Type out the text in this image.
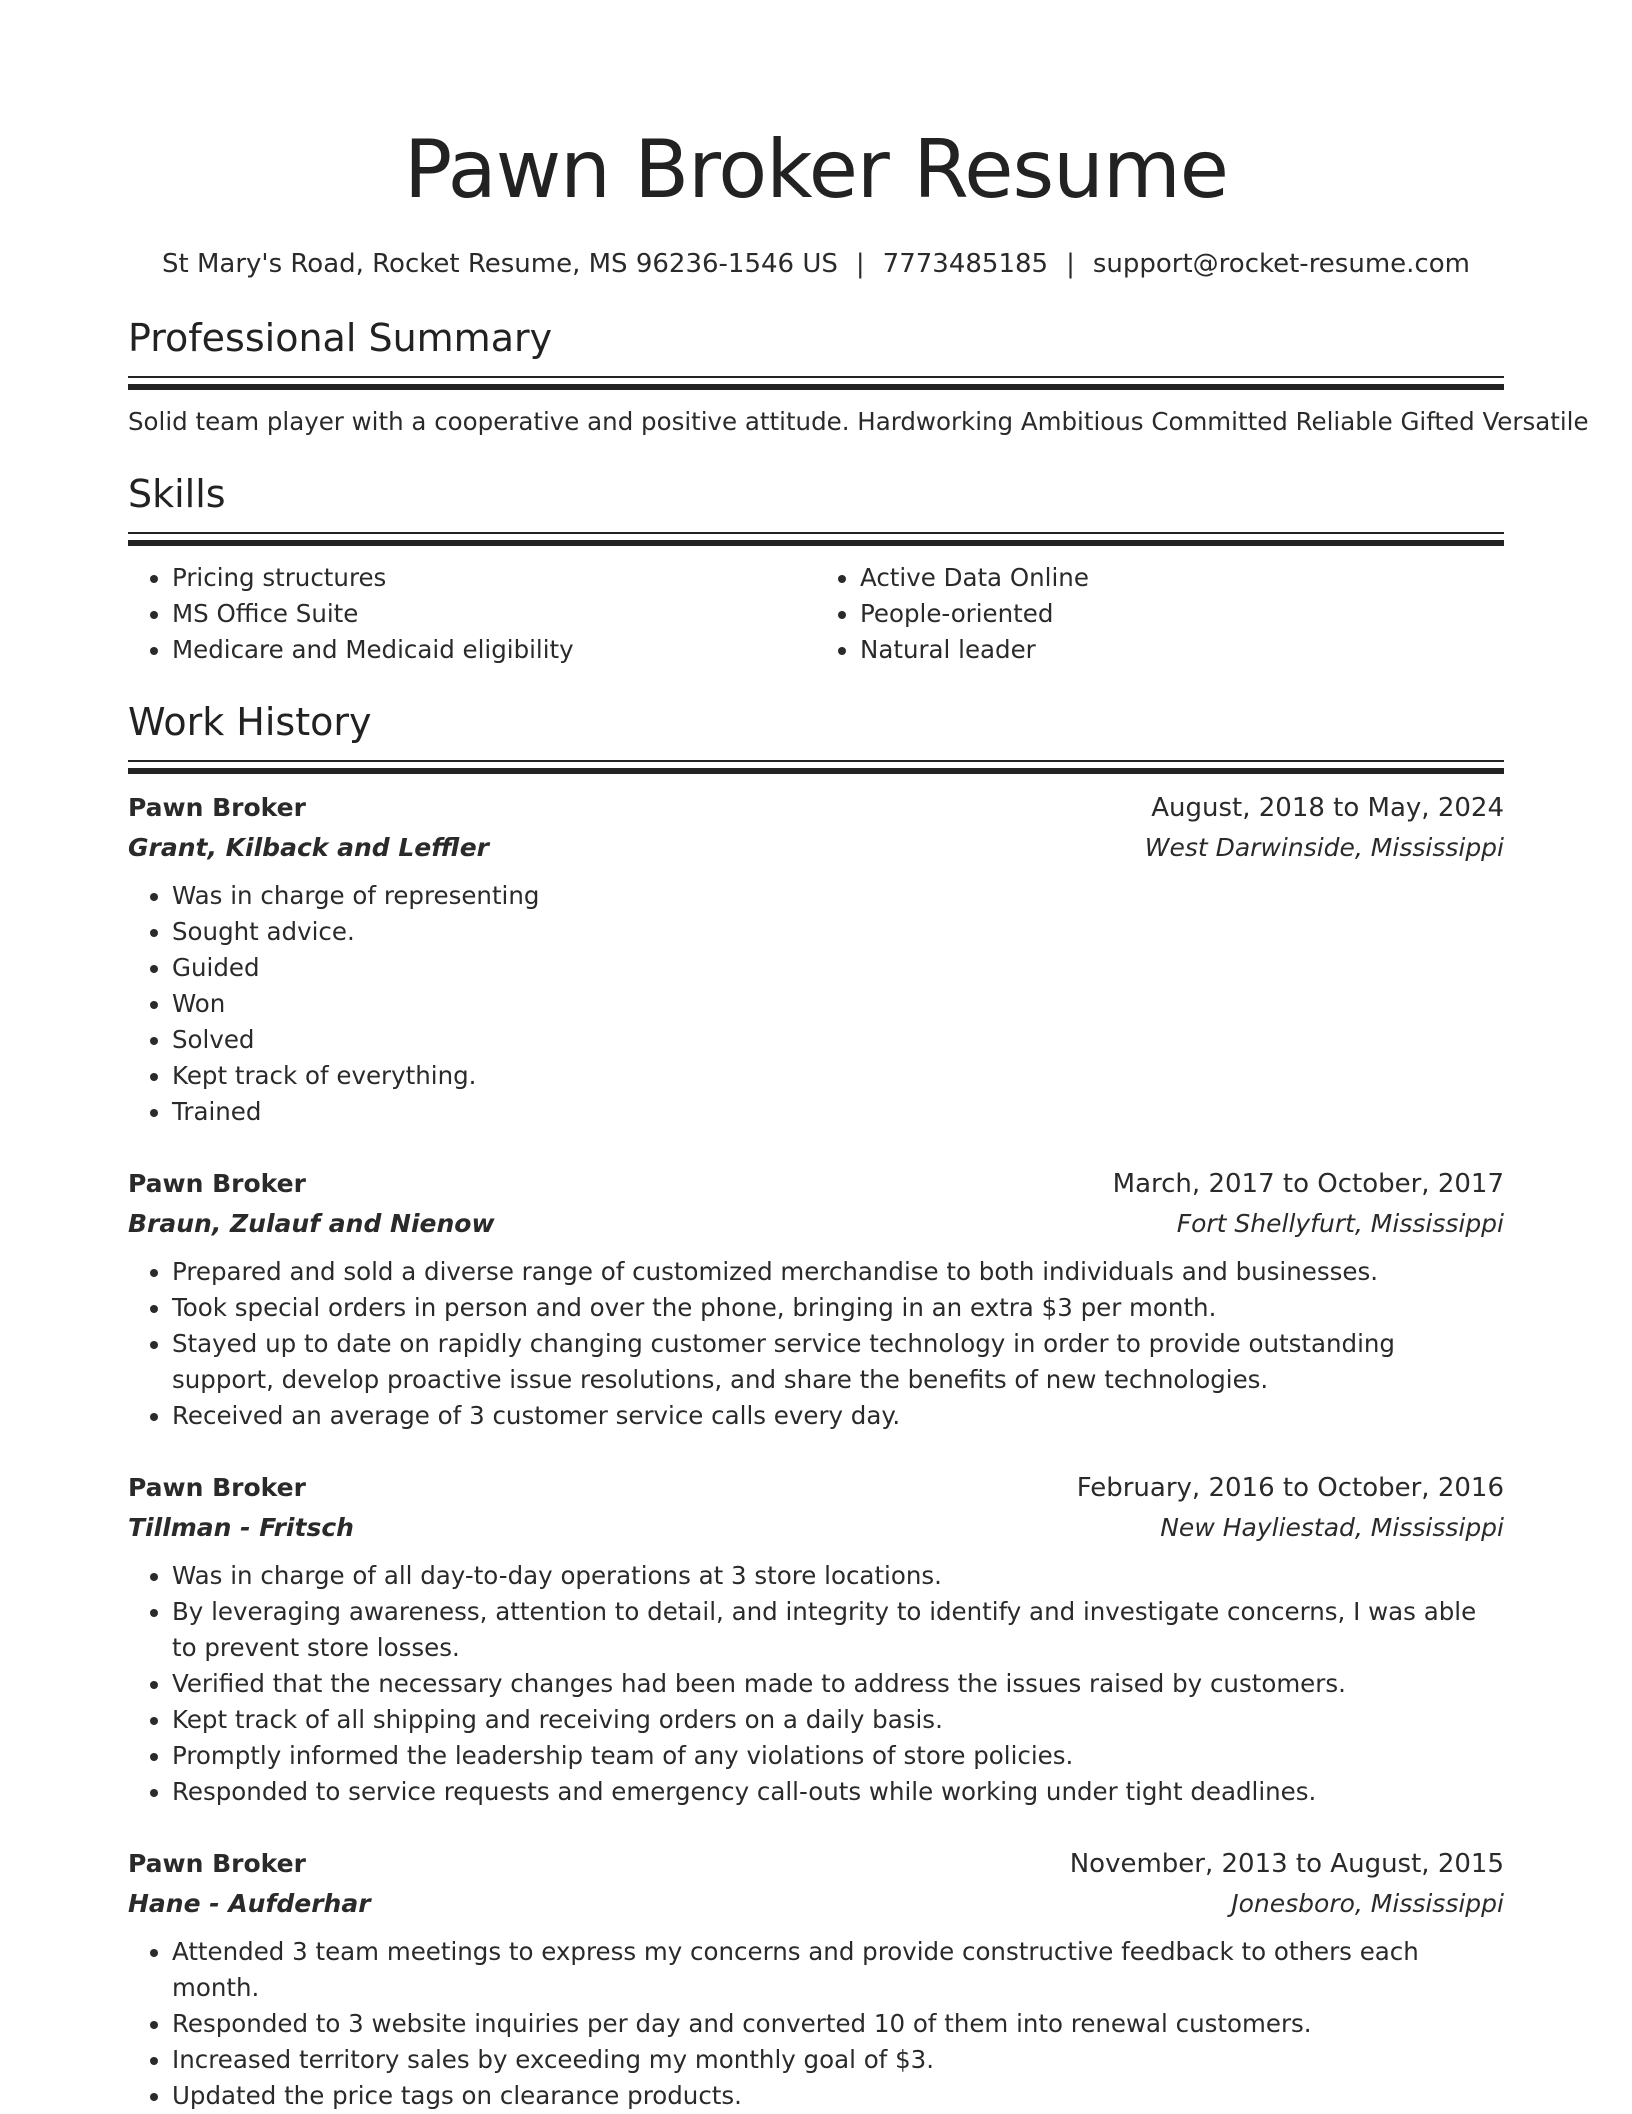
Pawn Broker Resume
St Mary's Road, Rocket Resume, MS 96236-1546 US | 7773485185 | support@rocket-resume.com
Professional Summary
Solid team player with a cooperative and positive attitude. Hardworking Ambitious Committed Reliable Gifted Versatile
Skills
• Pricing structures
• MS Office Suite
• Medicare and Medicaid eligibility
• Active Data Online
• People-oriented
• Natural leader
Work History
Pawn Broker	August, 2018 to May, 2024
Grant, Kilback and Leffler	West Darwinside, Mississippi
• Was in charge of representing
• Sought advice.
• Guided
• Won
• Solved
• Kept track of everything.
• Trained
Pawn Broker	March, 2017 to October, 2017
Braun, Zulauf and Nienow	Fort Shellyfurt, Mississippi
• Prepared and sold a diverse range of customized merchandise to both individuals and businesses.
• Took special orders in person and over the phone, bringing in an extra $3 per month.
• Stayed up to date on rapidly changing customer service technology in order to provide outstanding support, develop proactive issue resolutions, and share the benefits of new technologies.
• Received an average of 3 customer service calls every day.
Pawn Broker	February, 2016 to October, 2016
Tillman - Fritsch	New Hayliestad, Mississippi
• Was in charge of all day-to-day operations at 3 store locations.
• By leveraging awareness, attention to detail, and integrity to identify and investigate concerns, I was able to prevent store losses.
• Verified that the necessary changes had been made to address the issues raised by customers.
• Kept track of all shipping and receiving orders on a daily basis.
• Promptly informed the leadership team of any violations of store policies.
• Responded to service requests and emergency call-outs while working under tight deadlines.
Pawn Broker	November, 2013 to August, 2015
Hane - Aufderhar	Jonesboro, Mississippi
• Attended 3 team meetings to express my concerns and provide constructive feedback to others each month.
• Responded to 3 website inquiries per day and converted 10 of them into renewal customers.
• Increased territory sales by exceeding my monthly goal of $3.
• Updated the price tags on clearance products.
